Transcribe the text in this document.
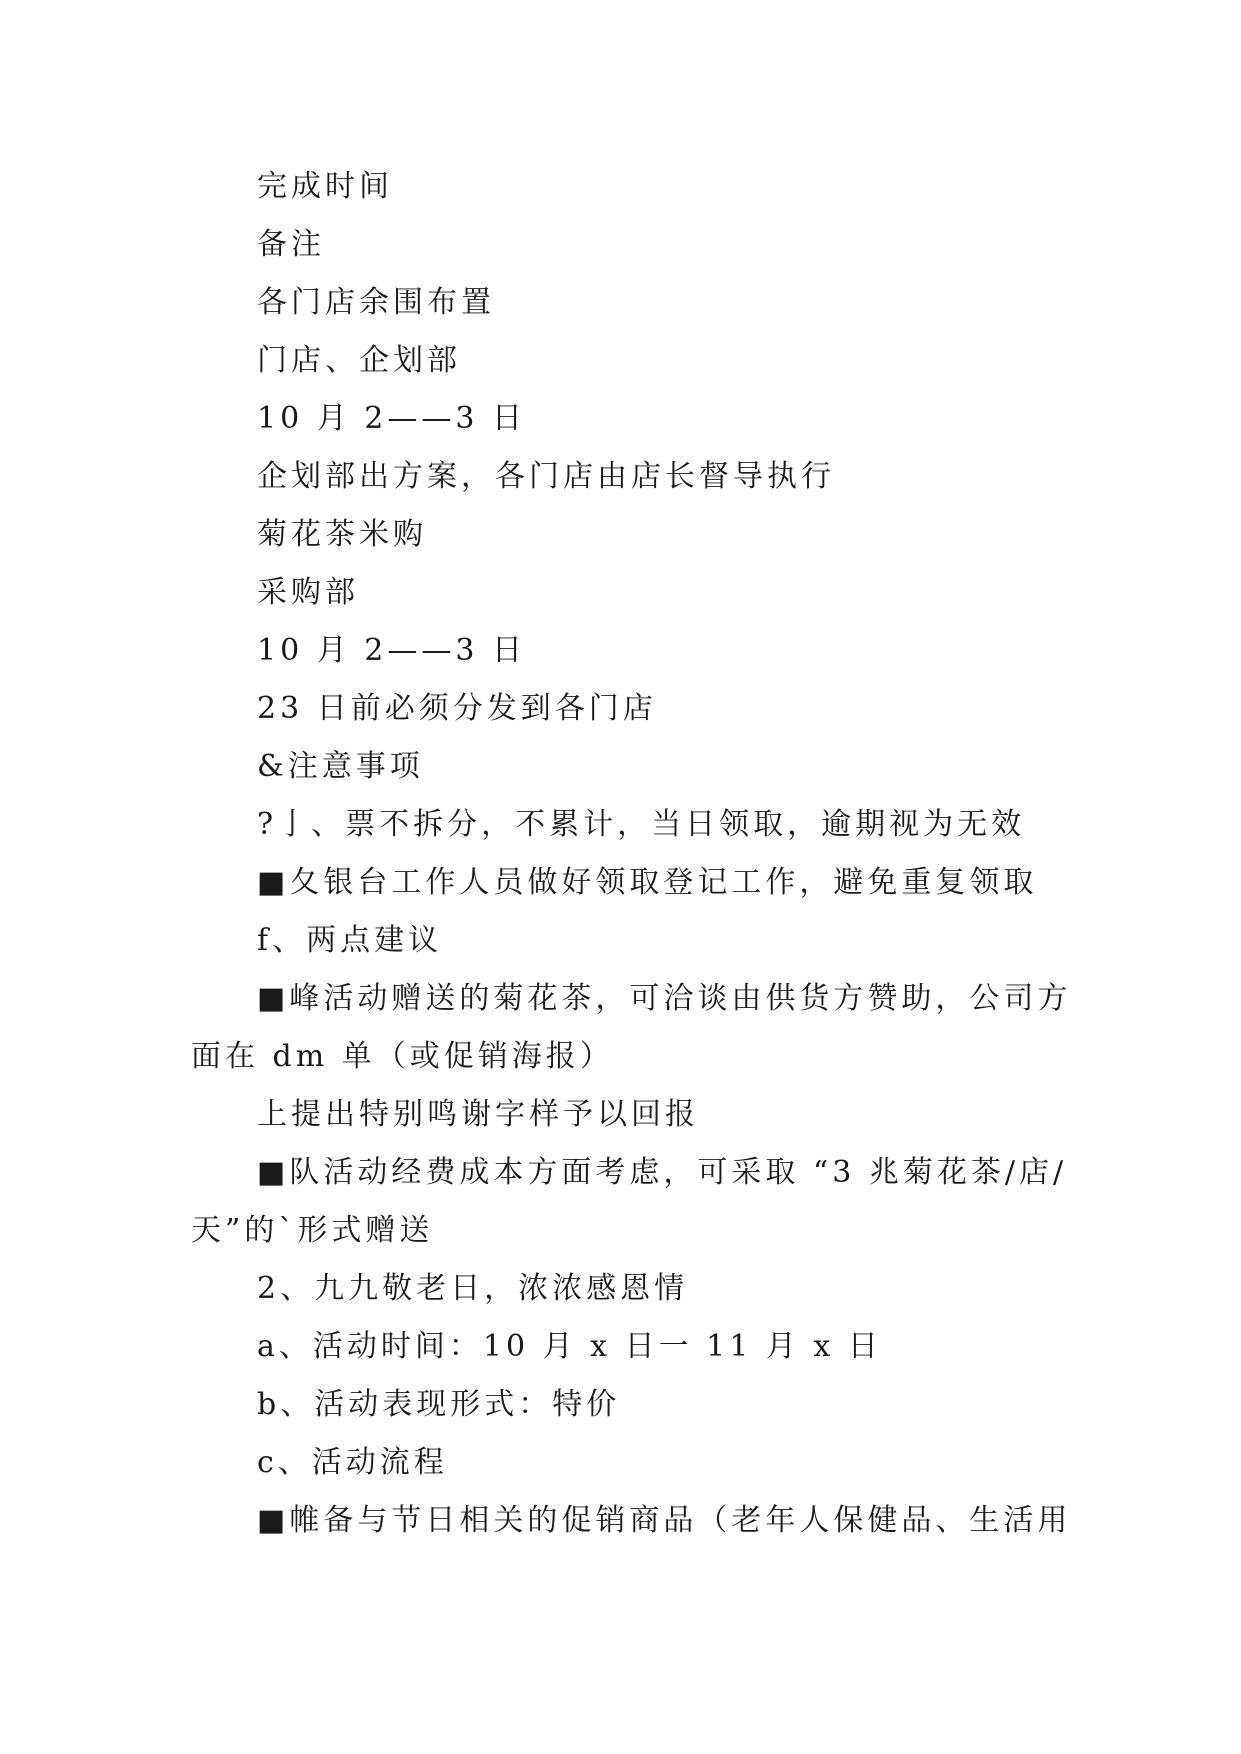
完成时间
备注
各门店余围布置
门店、企划部
10 月 2——3 日
企划部出方案，各门店由店长督导执行
菊花茶米购
采购部
10 月 2——3 日
23 日前必须分发到各门店
&注意事项
?亅、票不拆分，不累计，当日领取，逾期视为无效
■夂银台工作人员做好领取登记工作，避免重复领取
f、两点建议
■峰活动赠送的菊花茶，可洽谈由供货方赞助，公司方
面在 dm 单（或促销海报）
上提出特别鸣谢字样予以回报
■队活动经费成本方面考虑，可采取 “3 兆菊花茶/店/
天”的`形式赠送
2、九九敬老日，浓浓感恩情
a、活动时间：10 月 x 日一 11 月 x 日
b、活动表现形式：特价
c、活动流程
■帷备与节日相关的促销商品（老年人保健品、生活用
